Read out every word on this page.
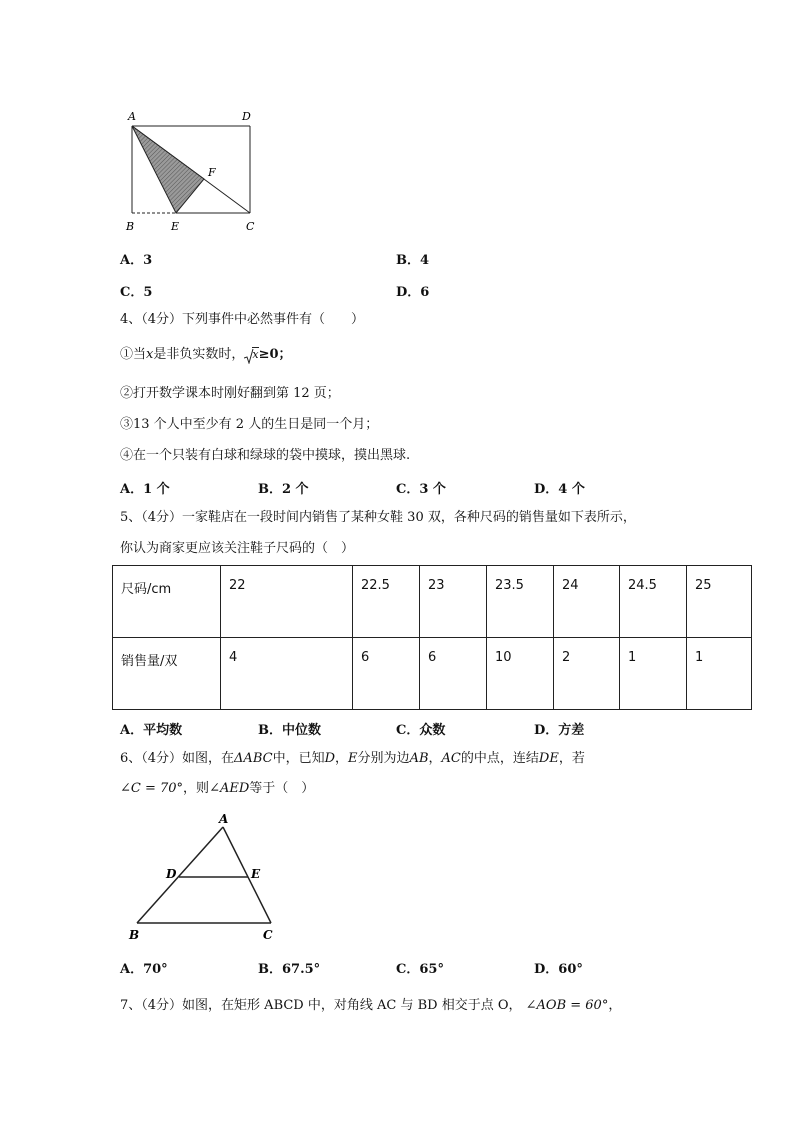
A	D
F
B	E	C
A．3	B．4
C．5	D．6
4、（4分）下列事件中必然事件有（　　）
①当x是非负实数时， x≥0；
②打开数学课本时刚好翻到第 12 页；
③13 个人中至少有 2 人的生日是同一个月；
④在一个只装有白球和绿球的袋中摸球，摸出黑球.
A．1 个	B．2 个	C．3 个	D．4 个
5、（4分）一家鞋店在一段时间内销售了某种女鞋 30 双，各种尺码的销售量如下表所示，
你认为商家更应该关注鞋子尺码的（　）
尺码/cm	22	22.5	23	23.5	24	24.5	25
销售量/双	4	6	6	10	2	1	1
A．平均数	B．中位数	C．众数	D．方差
6、（4分）如图，在ΔABC中，已知D，E分别为边AB，AC的中点，连结DE，若
∠C = 70°，则∠AED等于（　）
A
D	E
B	C
A．70°	B．67.5°	C．65°	D．60°
7、（4分）如图，在矩形 ABCD 中，对角线 AC 与 BD 相交于点 O， ∠AOB = 60°，
